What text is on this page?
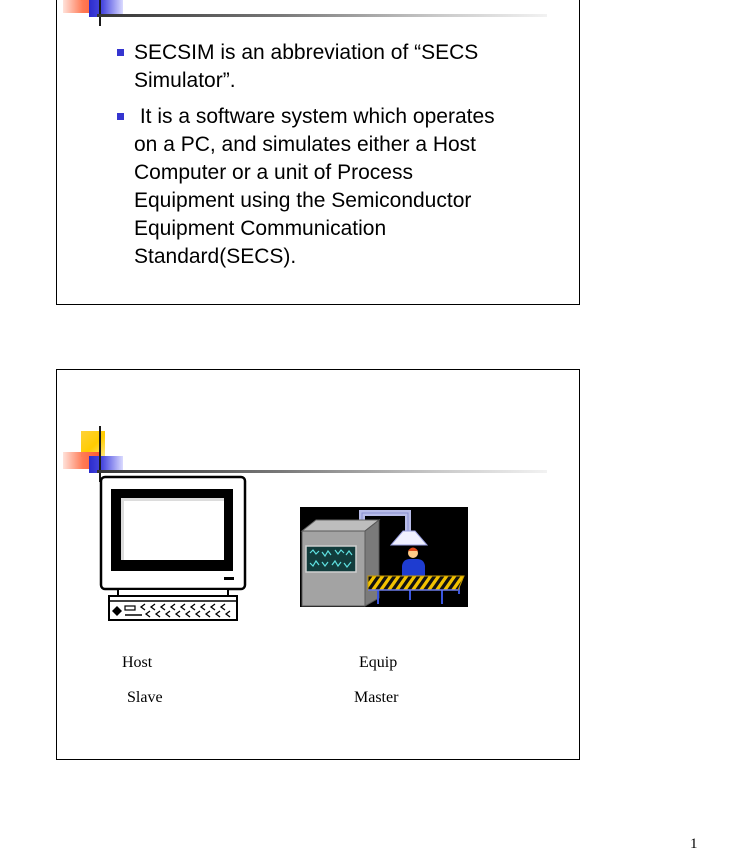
SECSIM is an abbreviation of “SECS
Simulator”.
It is a software system which operates
on a PC, and simulates either a Host
Computer or a unit of Process
Equipment using the Semiconductor
Equipment Communication
Standard(SECS).
Host	Equip
Slave	Master
1
